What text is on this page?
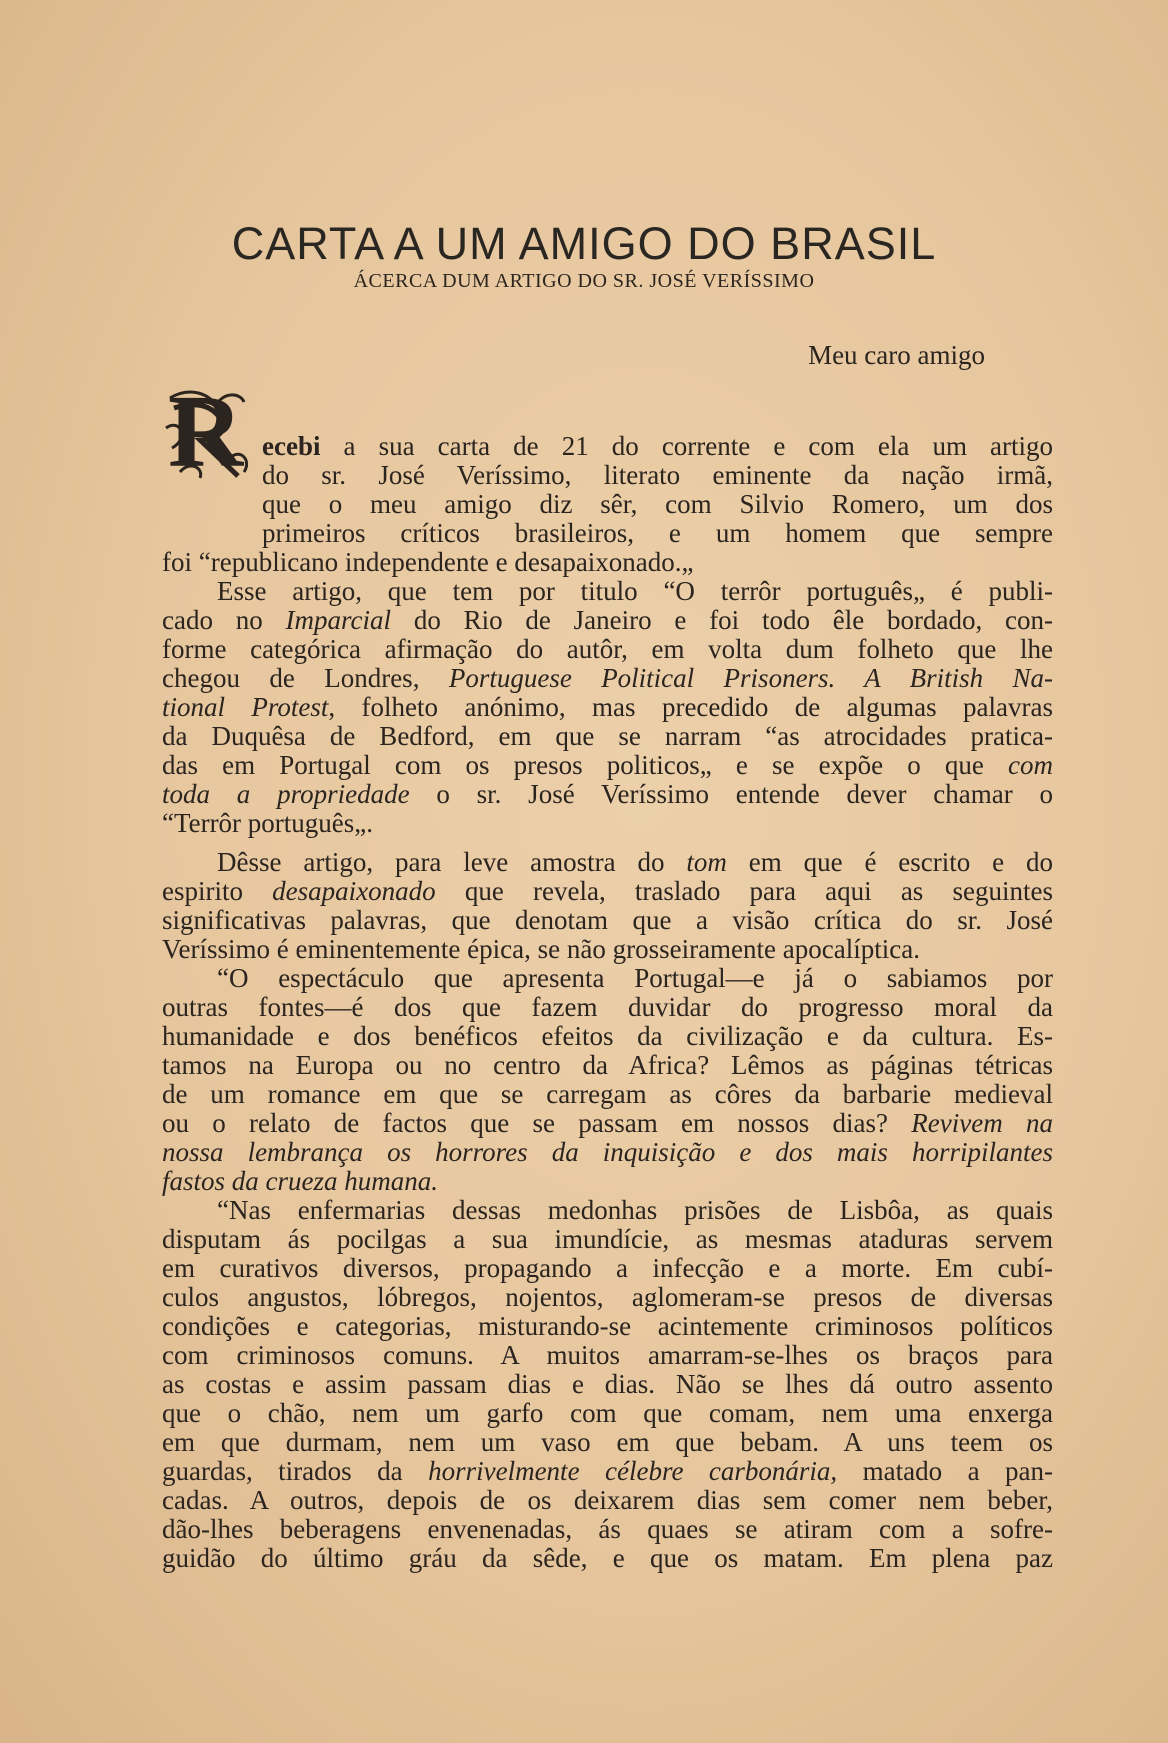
CARTA A UM AMIGO DO BRASIL
ÁCERCA DUM ARTIGO DO SR. JOSÉ VERÍSSIMO
Meu caro amigo
R ecebi a sua carta de 21 do corrente e com ela um artigo
do sr. José Veríssimo, literato eminente da nação irmã,
que o meu amigo diz sêr, com Silvio Romero, um dos
primeiros críticos brasileiros, e um homem que sempre
foi “republicano independente e desapaixonado.„
Esse artigo, que tem por titulo “O terrôr português„ é publi-
cado no Imparcial do Rio de Janeiro e foi todo êle bordado, con-
forme categórica afirmação do autôr, em volta dum folheto que lhe
chegou de Londres, Portuguese Political Prisoners. A British Na-
tional Protest, folheto anónimo, mas precedido de algumas palavras
da Duquêsa de Bedford, em que se narram “as atrocidades pratica-
das em Portugal com os presos politicos„ e se expõe o que com
toda a propriedade o sr. José Veríssimo entende dever chamar o
“Terrôr português„.
Dêsse artigo, para leve amostra do tom em que é escrito e do
espirito desapaixonado que revela, traslado para aqui as seguintes
significativas palavras, que denotam que a visão crítica do sr. José
Veríssimo é eminentemente épica, se não grosseiramente apocalíptica.
“O espectáculo que apresenta Portugal—e já o sabiamos por
outras fontes—é dos que fazem duvidar do progresso moral da
humanidade e dos benéficos efeitos da civilização e da cultura. Es-
tamos na Europa ou no centro da Africa? Lêmos as páginas tétricas
de um romance em que se carregam as côres da barbarie medieval
ou o relato de factos que se passam em nossos dias? Revivem na
nossa lembrança os horrores da inquisição e dos mais horripilantes
fastos da crueza humana.
“Nas enfermarias dessas medonhas prisões de Lisbôa, as quais
disputam ás pocilgas a sua imundície, as mesmas ataduras servem
em curativos diversos, propagando a infecção e a morte. Em cubí-
culos angustos, lóbregos, nojentos, aglomeram-se presos de diversas
condições e categorias, misturando-se acintemente criminosos políticos
com criminosos comuns. A muitos amarram-se-lhes os braços para
as costas e assim passam dias e dias. Não se lhes dá outro assento
que o chão, nem um garfo com que comam, nem uma enxerga
em que durmam, nem um vaso em que bebam. A uns teem os
guardas, tirados da horrivelmente célebre carbonária, matado a pan-
cadas. A outros, depois de os deixarem dias sem comer nem beber,
dão-lhes beberagens envenenadas, ás quaes se atiram com a sofre-
guidão do último gráu da sêde, e que os matam. Em plena paz
